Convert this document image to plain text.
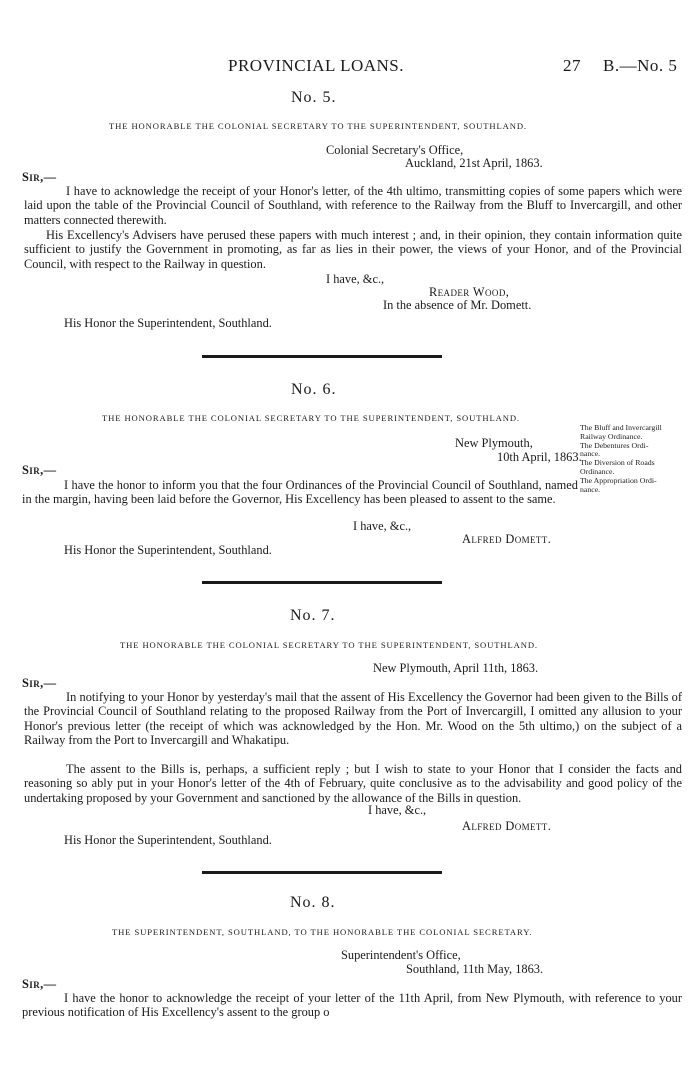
PROVINCIAL LOANS.	27 B.—No. 5
No. 5.
THE HONORABLE THE COLONIAL SECRETARY TO THE SUPERINTENDENT, SOUTHLAND.
Colonial Secretary's Office,
Auckland, 21st April, 1863.
Sir,—

I have to acknowledge the receipt of your Honor's letter, of the 4th ultimo, transmitting copies of some papers which were laid upon the table of the Provincial Council of Southland, with reference to the Railway from the Bluff to Invercargill, and other matters connected therewith.

His Excellency's Advisers have perused these papers with much interest ; and, in their opinion, they contain information quite sufficient to justify the Government in promoting, as far as lies in their power, the views of your Honor, and of the Provincial Council, with respect to the Railway in question.

I have, &c.,
Reader Wood,
In the absence of Mr. Domett.
His Honor the Superintendent, Southland.
No. 6.
THE HONORABLE THE COLONIAL SECRETARY TO THE SUPERINTENDENT, SOUTHLAND.
New Plymouth,
10th April, 1863.
Sir,—

I have the honor to inform you that the four Ordinances of the Provincial Council of Southland, named in the margin, having been laid before the Governor, His Excellency has been pleased to assent to the same.

I have, &c.,
Alfred Domett.
His Honor the Superintendent, Southland.
The Bluff and Invercargill
Railway Ordinance.
The Debentures Ordi-
nance.
The Diversion of Roads
Ordinance.
The Appropriation Ordi-
nance.
No. 7.
THE HONORABLE THE COLONIAL SECRETARY TO THE SUPERINTENDENT, SOUTHLAND.
New Plymouth, April 11th, 1863.
Sir,—

In notifying to your Honor by yesterday's mail that the assent of His Excellency the Governor had been given to the Bills of the Provincial Council of Southland relating to the proposed Railway from the Port of Invercargill, I omitted any allusion to your Honor's previous letter (the receipt of which was acknowledged by the Hon. Mr. Wood on the 5th ultimo,) on the subject of a Railway from the Port to Invercargill and Whakatipu.

The assent to the Bills is, perhaps, a sufficient reply ; but I wish to state to your Honor that I consider the facts and reasoning so ably put in your Honor's letter of the 4th of February, quite conclusive as to the advisability and good policy of the undertaking proposed by your Government and sanctioned by the allowance of the Bills in question.

I have, &c.,
Alfred Domett.
His Honor the Superintendent, Southland.
No. 8.
THE SUPERINTENDENT, SOUTHLAND, TO THE HONORABLE THE COLONIAL SECRETARY.
Superintendent's Office,
Southland, 11th May, 1863.
Sir,—

I have the honor to acknowledge the receipt of your letter of the 11th April, from New Plymouth, with reference to your previous notification of His Excellency's assent to the group o
